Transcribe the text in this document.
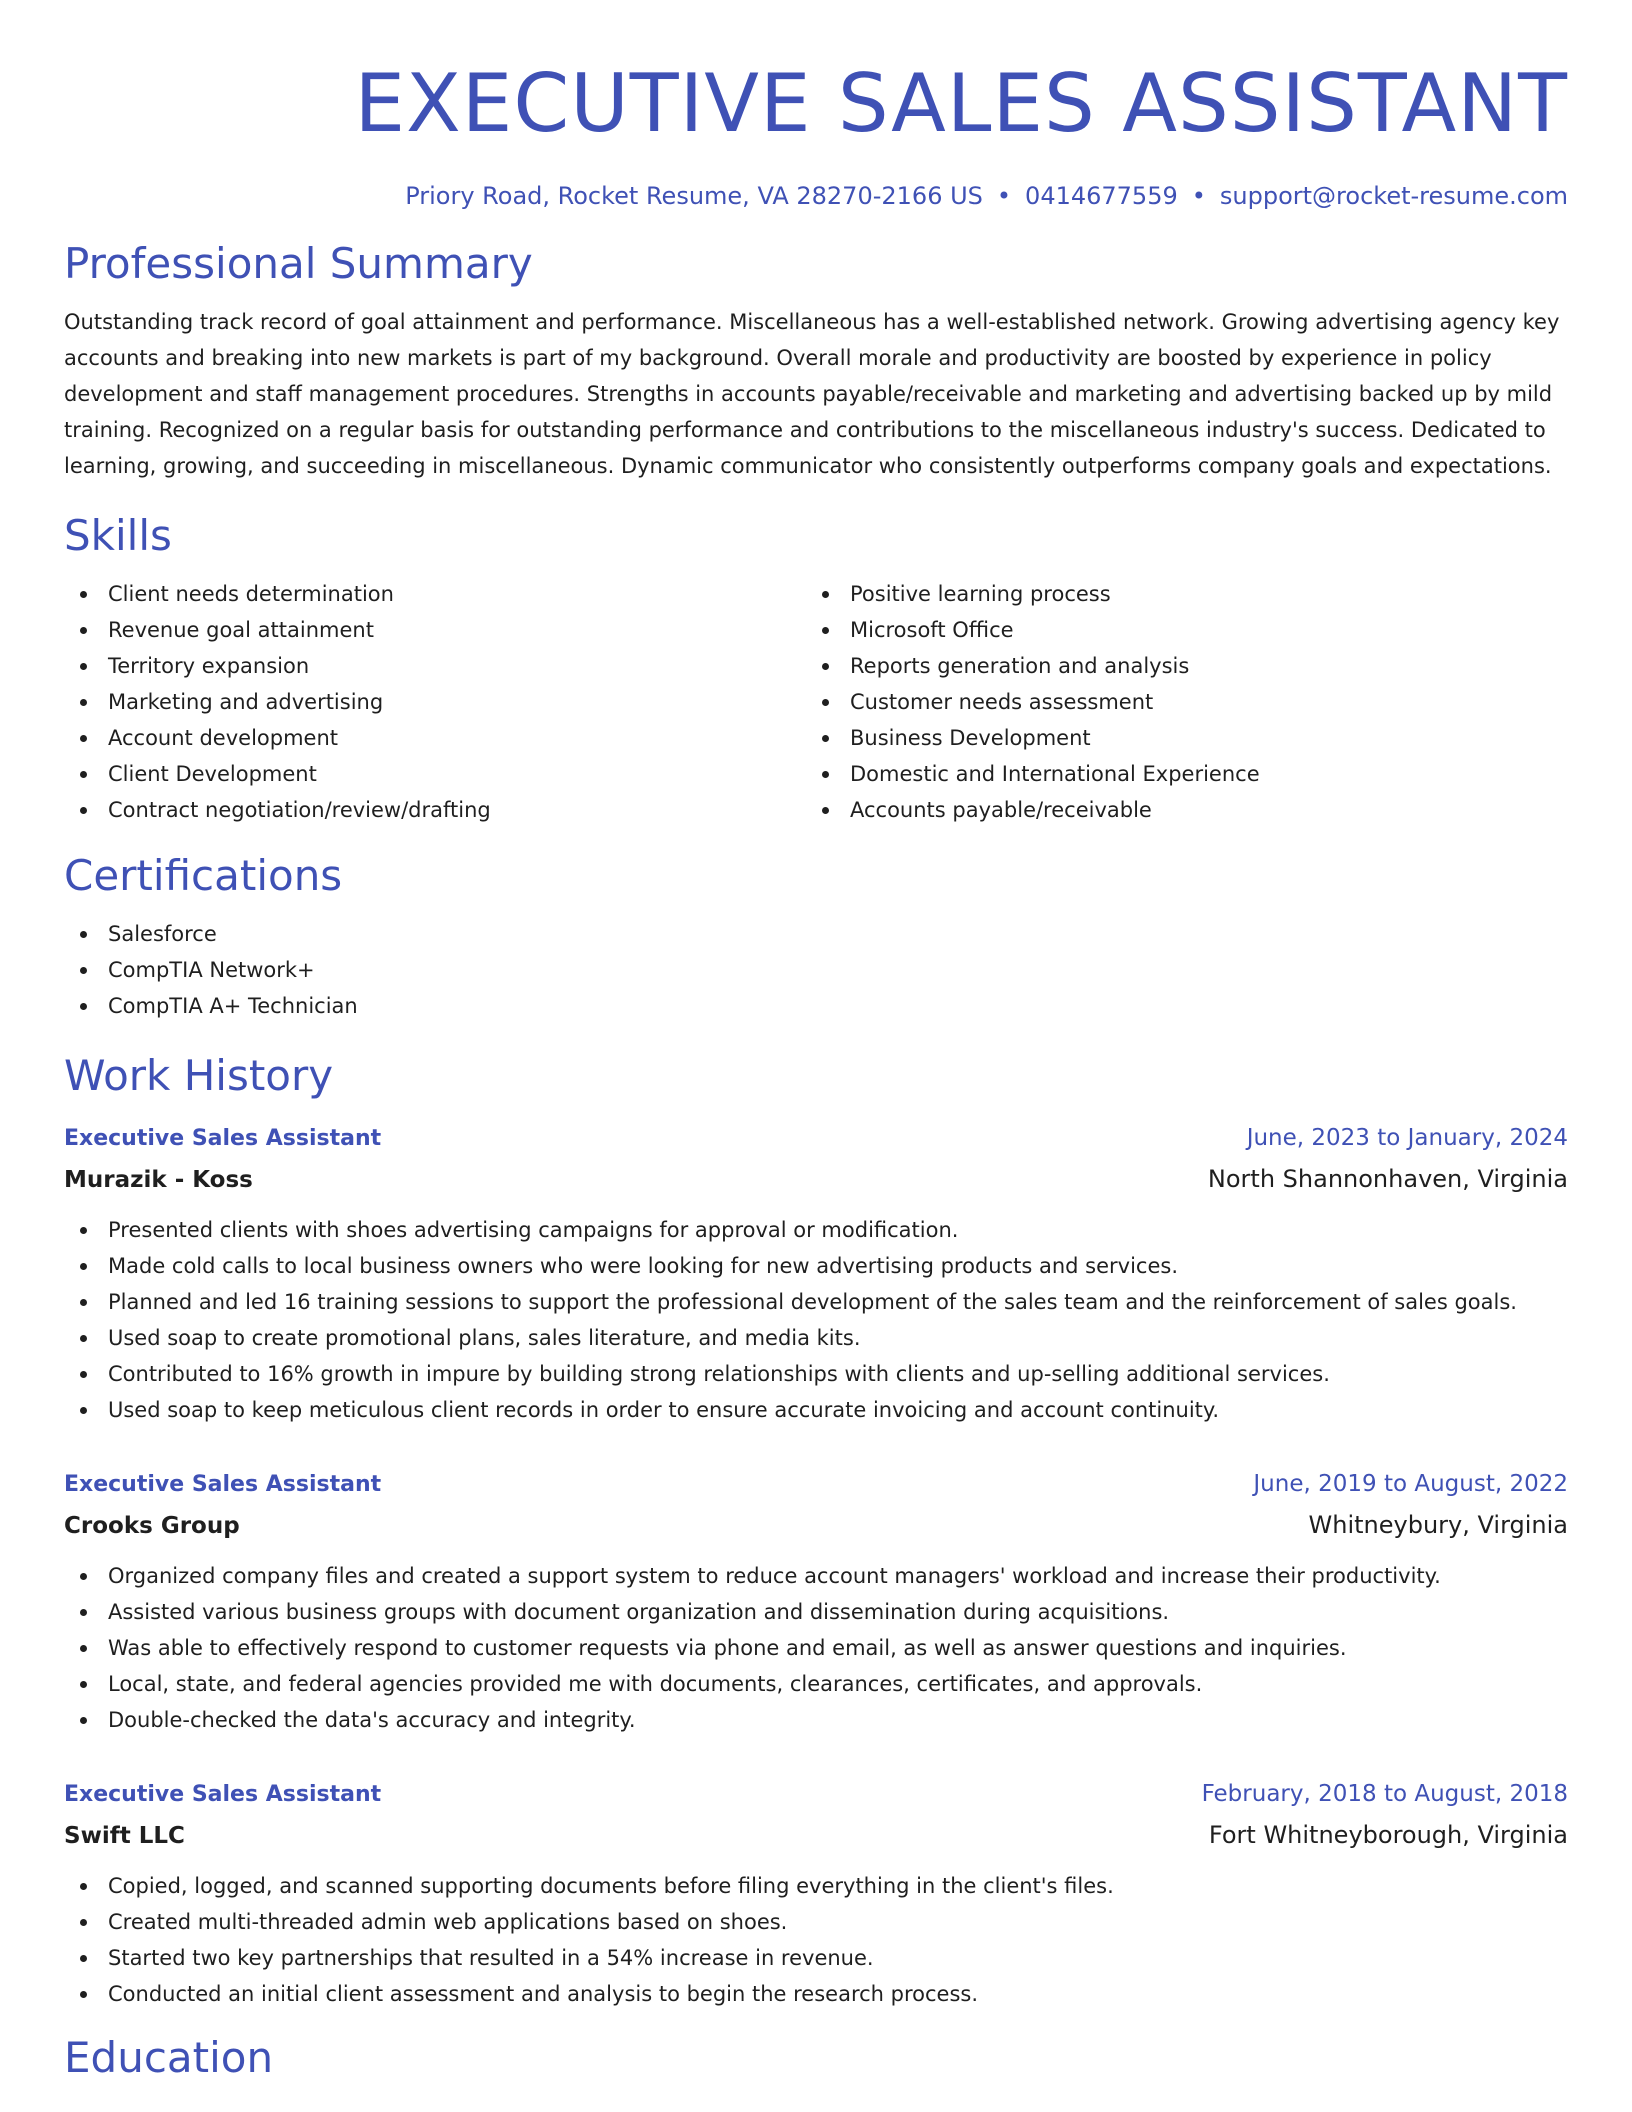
EXECUTIVE SALES ASSISTANT
Priory Road, Rocket Resume, VA 28270-2166 US • 0414677559 • support@rocket-resume.com
Professional Summary

Outstanding track record of goal attainment and performance. Miscellaneous has a well-established network. Growing advertising agency key accounts and breaking into new markets is part of my background. Overall morale and productivity are boosted by experience in policy development and staff management procedures. Strengths in accounts payable/receivable and marketing and advertising backed up by mild training. Recognized on a regular basis for outstanding performance and contributions to the miscellaneous industry's success. Dedicated to learning, growing, and succeeding in miscellaneous. Dynamic communicator who consistently outperforms company goals and expectations.

Skills
Client needs determination
Revenue goal attainment
Territory expansion
Marketing and advertising
Account development
Client Development
Contract negotiation/review/drafting
Positive learning process
Microsoft Office
Reports generation and analysis
Customer needs assessment
Business Development
Domestic and International Experience
Accounts payable/receivable
Certifications
Salesforce
CompTIA Network+
CompTIA A+ Technician
Work History
Executive Sales Assistant	June, 2023 to January, 2024
Murazik - Koss	North Shannonhaven, Virginia
Presented clients with shoes advertising campaigns for approval or modification.
Made cold calls to local business owners who were looking for new advertising products and services.
Planned and led 16 training sessions to support the professional development of the sales team and the reinforcement of sales goals.
Used soap to create promotional plans, sales literature, and media kits.
Contributed to 16% growth in impure by building strong relationships with clients and up-selling additional services.
Used soap to keep meticulous client records in order to ensure accurate invoicing and account continuity.
Executive Sales Assistant	June, 2019 to August, 2022
Crooks Group	Whitneybury, Virginia
Organized company files and created a support system to reduce account managers' workload and increase their productivity.
Assisted various business groups with document organization and dissemination during acquisitions.
Was able to effectively respond to customer requests via phone and email, as well as answer questions and inquiries.
Local, state, and federal agencies provided me with documents, clearances, certificates, and approvals.
Double-checked the data's accuracy and integrity.
Executive Sales Assistant	February, 2018 to August, 2018
Swift LLC	Fort Whitneyborough, Virginia
Copied, logged, and scanned supporting documents before filing everything in the client's files.
Created multi-threaded admin web applications based on shoes.
Started two key partnerships that resulted in a 54% increase in revenue.
Conducted an initial client assessment and analysis to begin the research process.
Education
